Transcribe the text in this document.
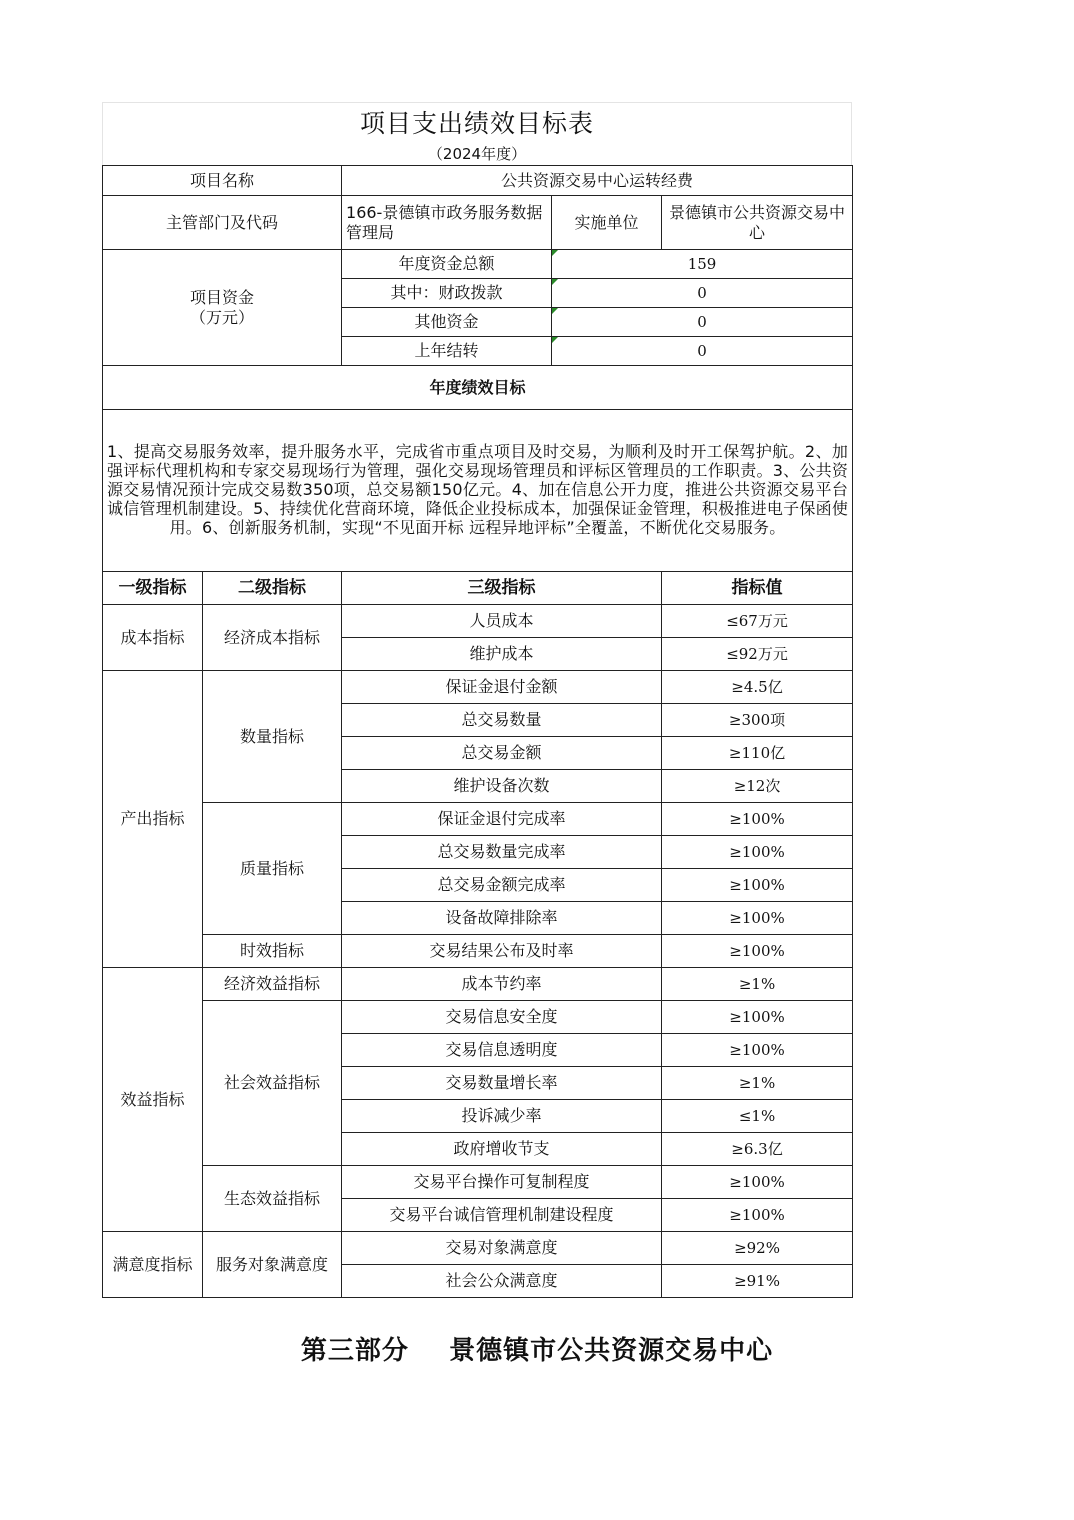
项目支出绩效目标表
（2024年度）
项目名称		公共资源交易中心运转经费		
主管部门及代码		166-景德镇市政务服务数据管理局	实施单位	景德镇市公共资源交易中心
项目资金
（万元）		年度资金总额	159	
		其中：财政拨款	0	
		其他资金	0	
		上年结转	0	
年度绩效目标				
1、提高交易服务效率，提升服务水平，完成省市重点项目及时交易，为顺利及时开工保驾护航。2、加强评标代理机构和专家交易现场行为管理，强化交易现场管理员和评标区管理员的工作职责。3、公共资源交易情况预计完成交易数350项，总交易额150亿元。4、加在信息公开力度，推进公共资源交易平台诚信管理机制建设。5、持续优化营商环境，降低企业投标成本，加强保证金管理，积极推进电子保函使用。6、创新服务机制，实现“不见面开标 远程异地评标”全覆盖，不断优化交易服务。				
一级指标	二级指标	三级指标		指标值
成本指标	经济成本指标	人员成本		≤67万元
		维护成本		≤92万元
产出指标	数量指标	保证金退付金额		≥4.5亿
		总交易数量		≥300项
		总交易金额		≥110亿
		维护设备次数		≥12次
	质量指标	保证金退付完成率		≥100%
		总交易数量完成率		≥100%
		总交易金额完成率		≥100%
		设备故障排除率		≥100%
	时效指标	交易结果公布及时率		≥100%
效益指标	经济效益指标	成本节约率		≥1%
	社会效益指标	交易信息安全度		≥100%
		交易信息透明度		≥100%
		交易数量增长率		≥1%
		投诉减少率		≤1%
		政府增收节支		≥6.3亿
	生态效益指标	交易平台操作可复制程度		≥100%
		交易平台诚信管理机制建设程度		≥100%
满意度指标	服务对象满意度	交易对象满意度		≥92%
		社会公众满意度		≥91%
第三部分    景德镇市公共资源交易中心
